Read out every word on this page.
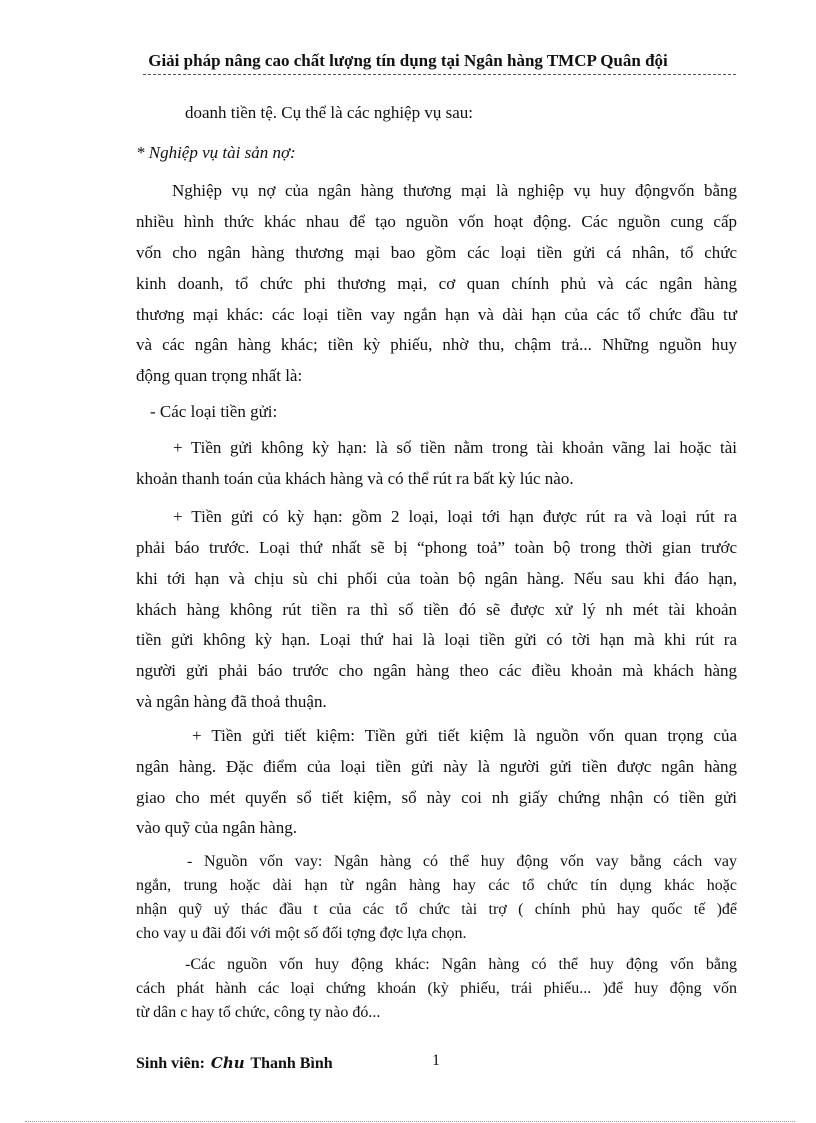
Giải pháp nâng cao chất lượng tín dụng tại Ngân hàng TMCP Quân đội
doanh tiền tệ. Cụ thể là các nghiệp vụ sau:
* Nghiệp vụ tài sản nợ:
Nghiệp vụ nợ của ngân hàng thương mại là nghiệp vụ huy độngvốn bằng
nhiều hình thức khác nhau để tạo nguồn vốn hoạt động. Các nguồn cung cấp
vốn cho ngân hàng thương mại bao gồm các loại tiền gửi cá nhân, tổ chức
kinh doanh, tổ chức phi thương mại, cơ quan chính phủ và các ngân hàng
thương mại khác: các loại tiền vay ngắn hạn và dài hạn của các tổ chức đầu tư
và các ngân hàng khác; tiền kỳ phiếu, nhờ thu, chậm trả... Những nguồn huy
động quan trọng nhất là:
- Các loại tiền gửi:
+ Tiền gửi không kỳ hạn: là số tiền nằm trong tài khoản vãng lai hoặc tài
khoản thanh toán của khách hàng và có thể rút ra bất kỳ lúc nào.
+ Tiền gửi có kỳ hạn: gồm 2 loại, loại tới hạn được rút ra và loại rút ra
phải báo trước. Loại thứ nhất sẽ bị “phong toả” toàn bộ trong thời gian trước
khi tới hạn và chịu sù chi phối của toàn bộ ngân hàng. Nếu sau khi đáo hạn,
khách hàng không rút tiền ra thì số tiền đó sẽ được xử lý nh mét tài khoản
tiền gửi không kỳ hạn. Loại thứ hai là loại tiền gửi có tời hạn mà khi rút ra
người gửi phải báo trước cho ngân hàng theo các điều khoản mà khách hàng
và ngân hàng đã thoả thuận.
+ Tiền gửi tiết kiệm: Tiền gửi tiết kiệm là nguồn vốn quan trọng của
ngân hàng. Đặc điểm của loại tiền gửi này là người gửi tiền được ngân hàng
giao cho mét quyển sổ tiết kiệm, sổ này coi nh giấy chứng nhận có tiền gửi
vào quỹ của ngân hàng.
- Nguồn vốn vay: Ngân hàng có thể huy động vốn vay bằng cách vay
ngắn, trung hoặc dài hạn từ ngân hàng hay các tổ chức tín dụng khác hoặc
nhận quỹ uỷ thác đầu t của các tổ chức tài trợ ( chính phủ hay quốc tế )để
cho vay u đãi đối với một số đối tợng đợc lựa chọn.
-Các nguồn vốn huy động khác: Ngân hàng có thể huy động vốn bằng
cách phát hành các loại chứng khoán (kỳ phiếu, trái phiếu... )để huy động vốn
từ dân c hay tổ chức, công ty nào đó...
Sinh viên: Chu Thanh Bình	1
